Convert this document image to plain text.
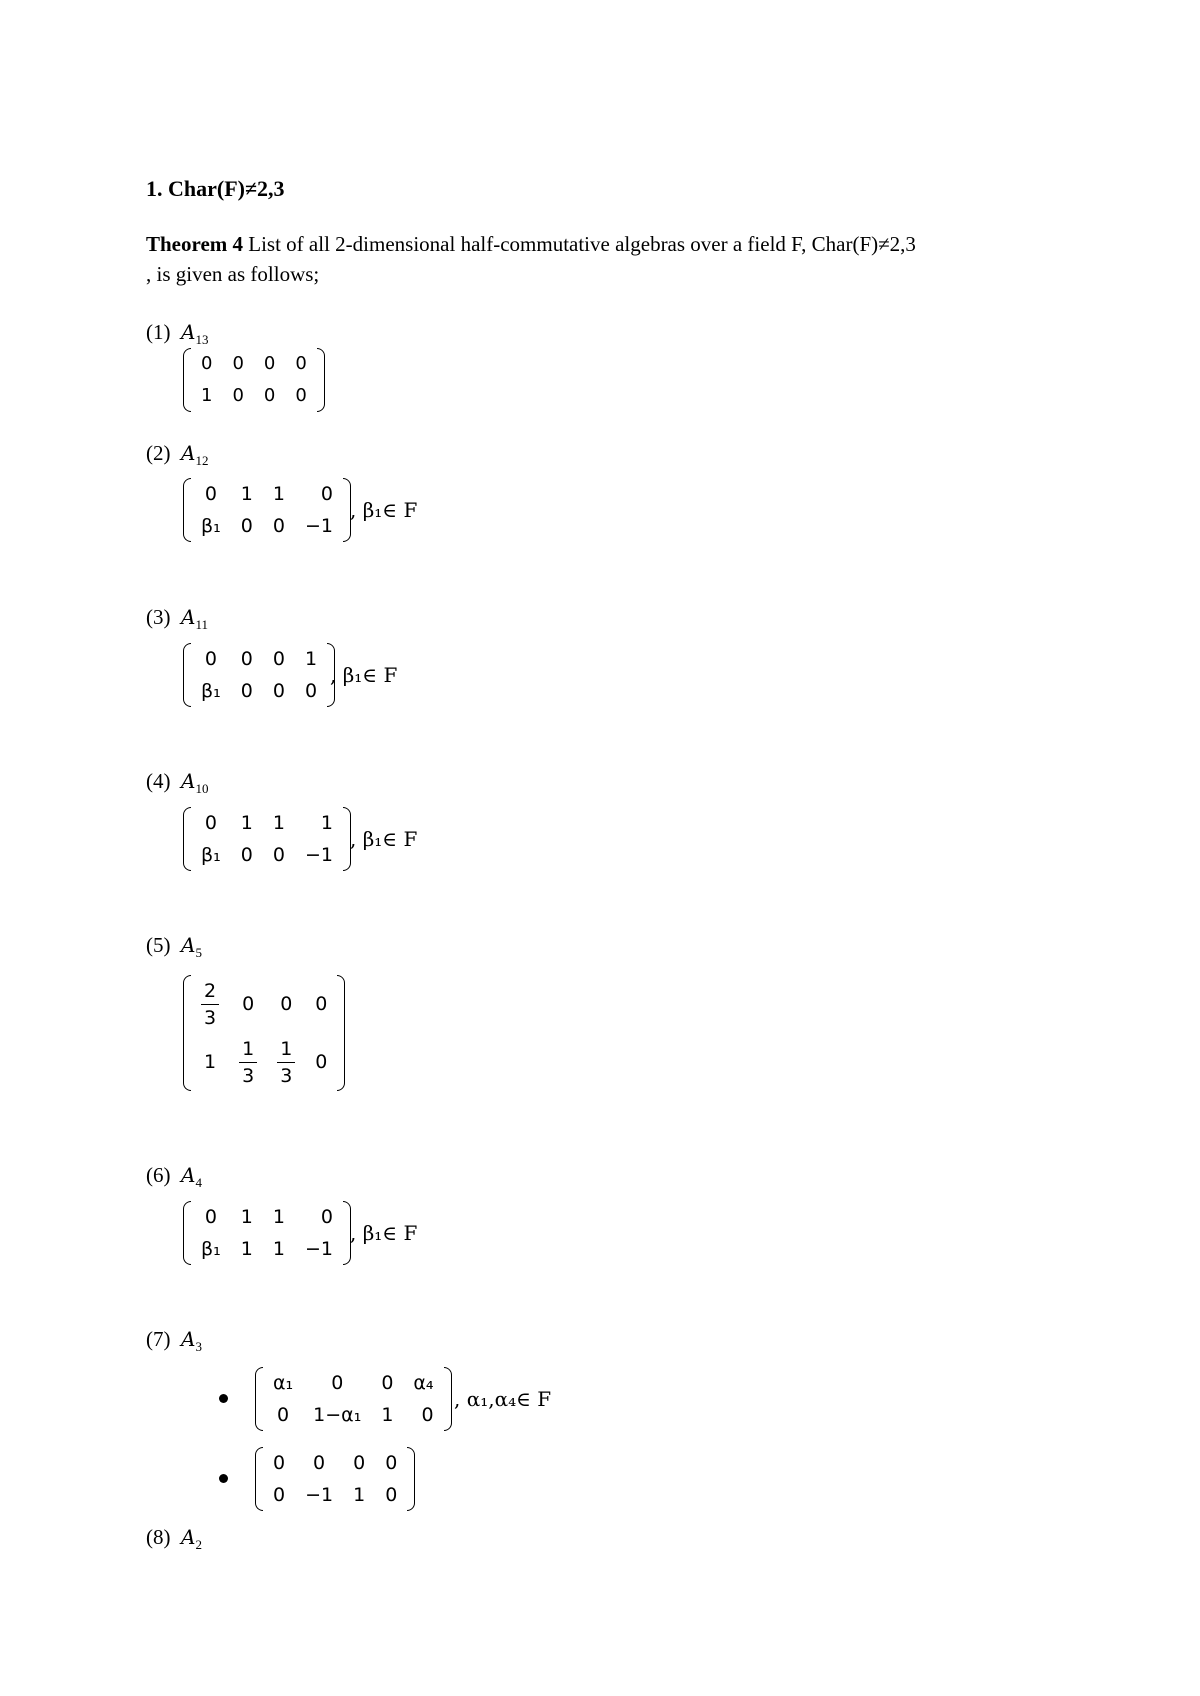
1. Char(F)≠2,3
Theorem 4 List of all 2-dimensional half-commutative algebras over a field F, Char(F)≠2,3
, is given as follows;
(1) $A_{13}$
(2) $A_{12}$
(3) $A_{11}$
(4) $A_{10}$
(5) $A_5$
(6) $A_4$
(7) $A_3$
(8) $A_2$
0	0	0	0
1	0	0	0
0	1	1	0
β₁	0	0	−1
, β₁∈ F
0	0	0	1
β₁	0	0	0
, β₁∈ F
0	1	1	1
β₁	0	0	−1
, β₁∈ F
$\frac{2}{3}$	0	0	0
1	$\frac{1}{3}$	$\frac{1}{3}$	0
0	1	1	0
β₁	1	1	−1
, β₁∈ F
α₁	0	0	α₄
0	1−α₁	1	0
, α₁,α₄∈ F
0	0	0	0
0	−1	1	0
